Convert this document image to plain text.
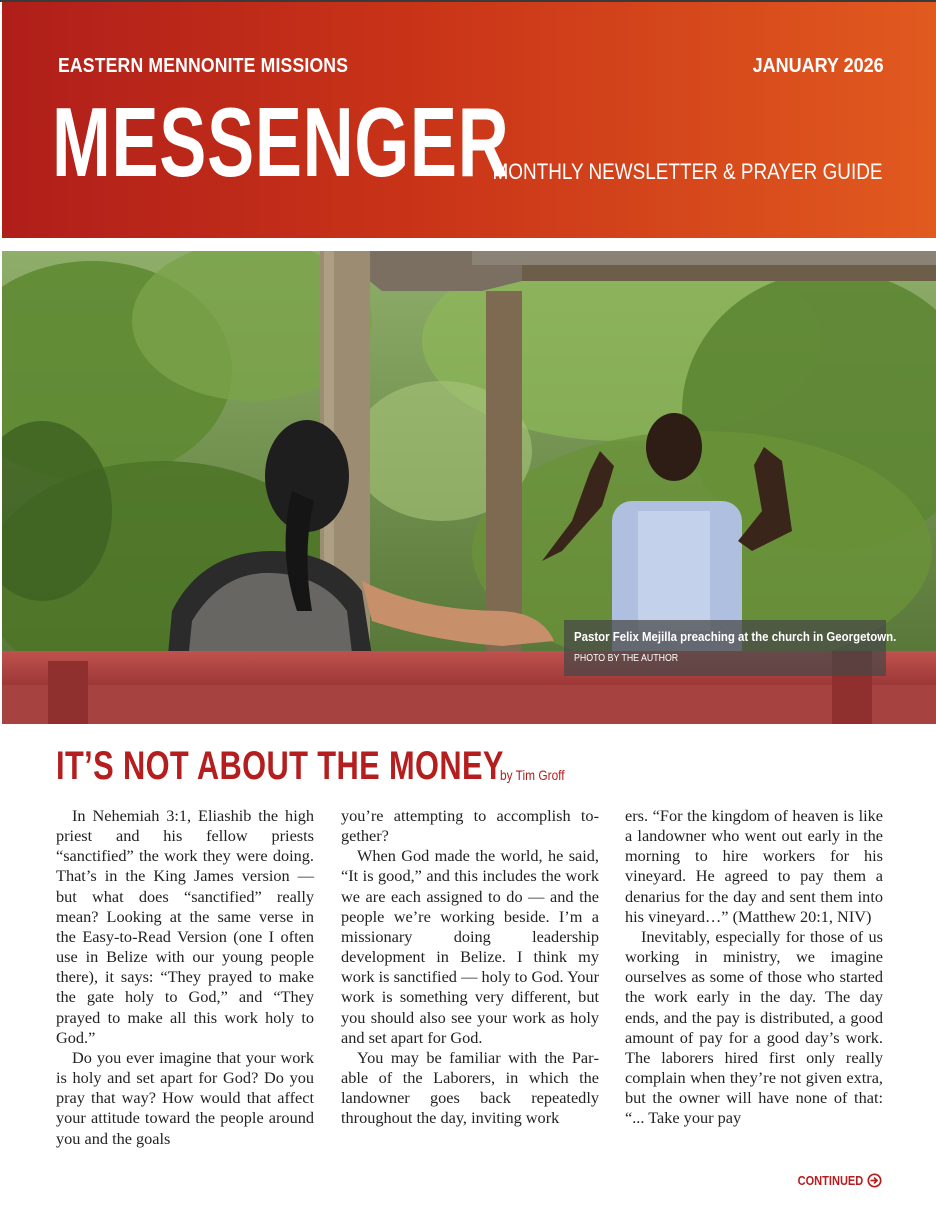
EASTERN MENNONITE MISSIONS	JANUARY 2026
MESSENGER
MONTHLY NEWSLETTER & PRAYER GUIDE
Pastor Felix Mejilla preaching at the church in Georgetown.
PHOTO BY THE AUTHOR
IT’S NOT ABOUT THE MONEY
by Tim Groff

In Nehemiah 3:1, Eliashib the high priest and his fellow priests “sanctified” the work they were doing. That’s in the King James version — but what does “sanctified” really mean? Looking at the same verse in the Easy-to-Read Version (one I often use in Belize with our young people there), it says: “They prayed to make the gate holy to God,” and “They prayed to make all this work holy to God.”

Do you ever imagine that your work is holy and set apart for God? Do you pray that way? How would that affect your attitude toward the people around you and the goals

you’re attempting to accomplish together?

When God made the world, he said, “It is good,” and this includes the work we are each assigned to do — and the people we’re working beside. I’m a missionary doing leadership development in Belize. I think my work is sanctified — holy to God. Your work is something very different, but you should also see your work as holy and set apart for God.

You may be familiar with the Parable of the Laborers, in which the landowner goes back repeatedly throughout the day, inviting work

ers. “For the kingdom of heaven is like a landowner who went out early in the morning to hire workers for his vineyard. He agreed to pay them a denarius for the day and sent them into his vineyard…” (Matthew 20:1, NIV)

Inevitably, especially for those of us working in ministry, we imagine ourselves as some of those who started the work early in the day. The day ends, and the pay is distributed, a good amount of pay for a good day’s work. The laborers hired first only really complain when they’re not given extra, but the owner will have none of that: “... Take your pay

CONTINUED
